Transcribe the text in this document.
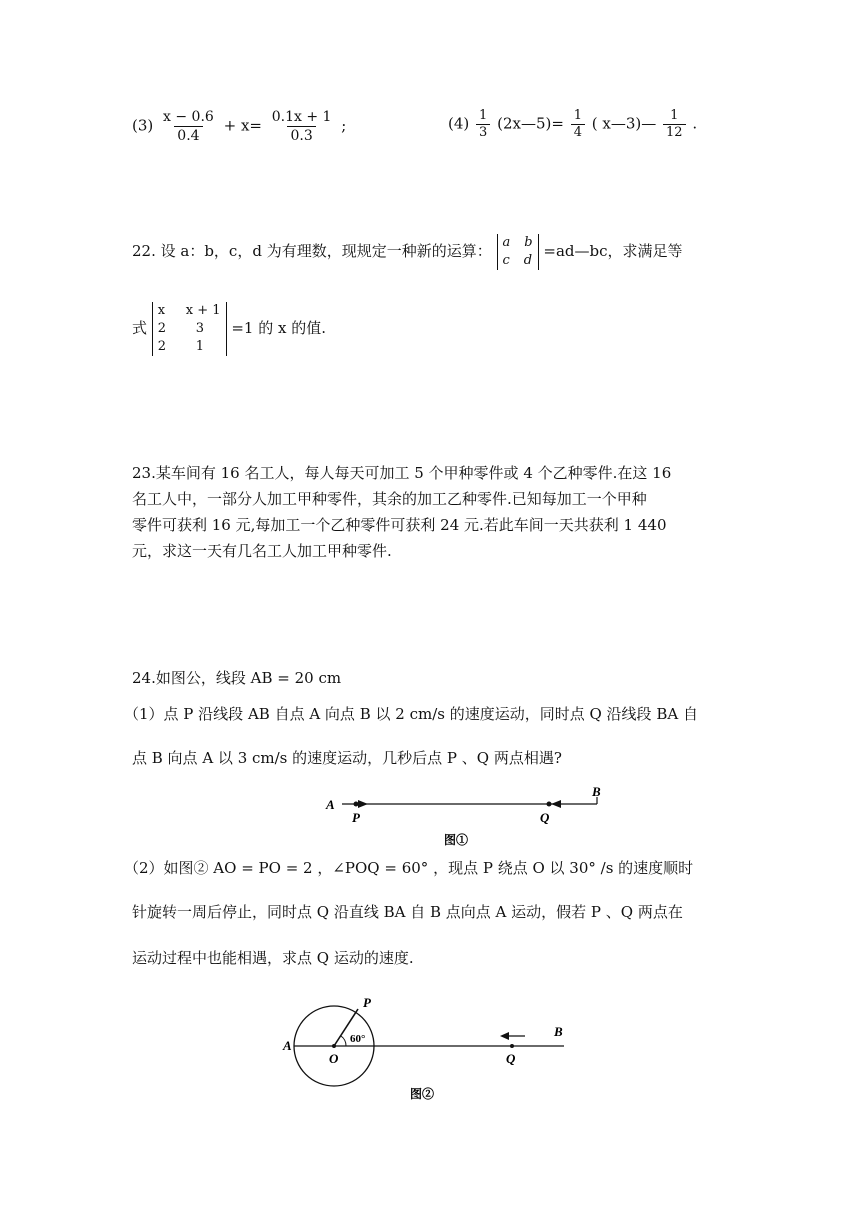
$(3) \frac{x - 0.6}{0.4} + x= \frac{0.1x + 1}{0.3}$ ;	$(4) \frac{1}{3}$ (2x—5)= $\frac{1}{4}$ ( x—3)— $\frac{1}{12}$ .
22. 设 a：b，c，d 为有理数，现规定一种新的运算： a b
c d
=ad—bc，求满足等
式
x	x + 1
2	3
2	1
=1 的 x 的值.
23.某车间有 16 名工人，每人每天可加工 5 个甲种零件或 4 个乙种零件.在这 16
名工人中，一部分人加工甲种零件，其余的加工乙种零件.已知每加工一个甲种
零件可获利 16 元,每加工一个乙种零件可获利 24 元.若此车间一天共获利 1 440
元，求这一天有几名工人加工甲种零件.
24.如图公，线段 AB = 20 cm
（1）点 P 沿线段 AB 自点 A 向点 B 以 2 cm/s 的速度运动，同时点 Q 沿线段 BA 自
点 B 向点 A 以 3 cm/s 的速度运动，几秒后点 P 、Q 两点相遇?
A
B
P	Q
图①
（2）如图② AO = PO = 2 ，∠POQ = 60° ，现点 P 绕点 O 以 30° /s 的速度顺时
针旋转一周后停止，同时点 Q 沿直线 BA 自 B 点向点 A 运动，假若 P 、Q 两点在
运动过程中也能相遇，求点 Q 运动的速度.
A
O
P
60°
Q
B
图②
